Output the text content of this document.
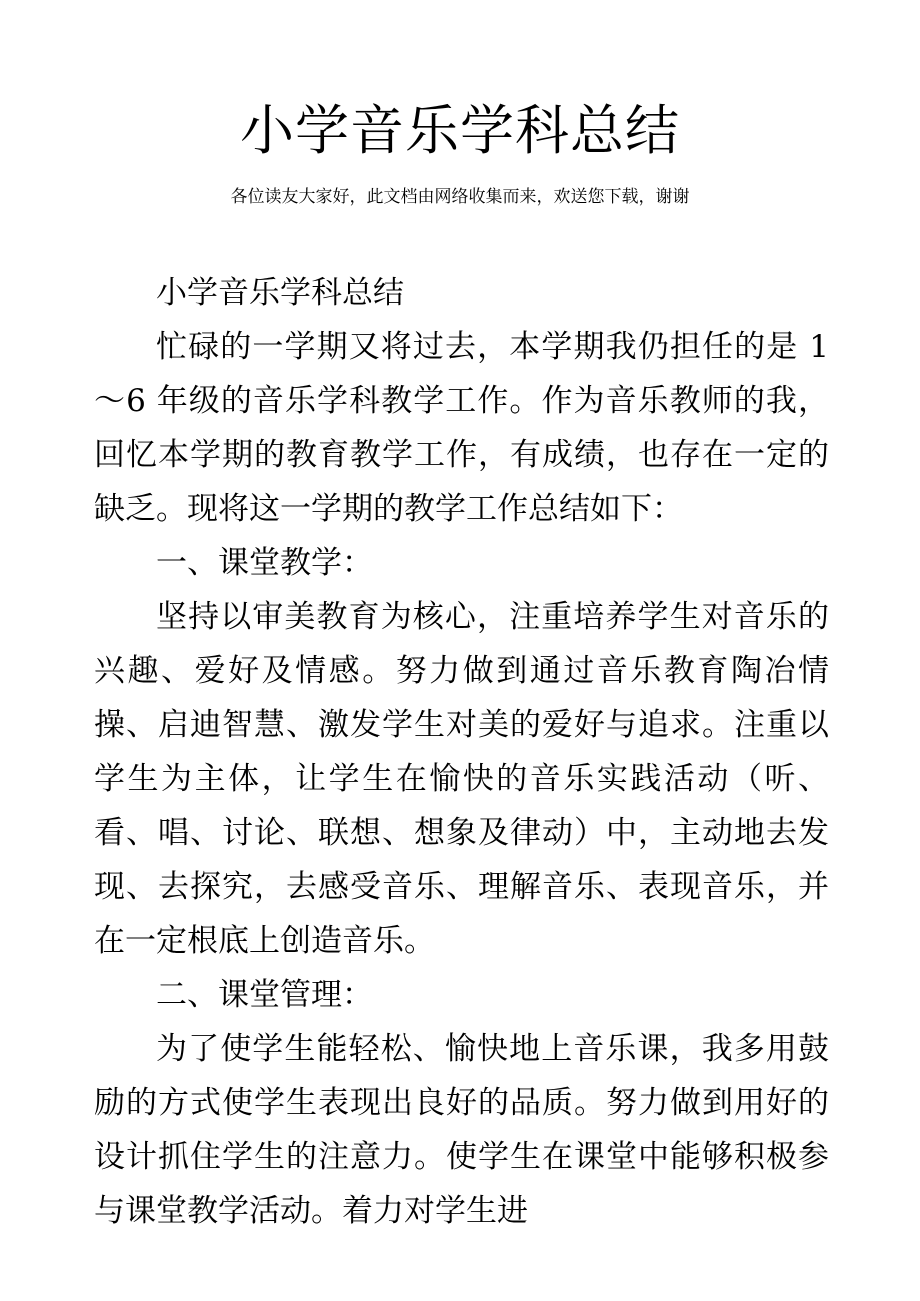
小学音乐学科总结
各位读友大家好，此文档由网络收集而来，欢送您下载，谢谢

小学音乐学科总结

忙碌的一学期又将过去，本学期我仍担任的是 1～6 年级的音乐学科教学工作。作为音乐教师的我，回忆本学期的教育教学工作，有成绩，也存在一定的缺乏。现将这一学期的教学工作总结如下：

一、课堂教学：

坚持以审美教育为核心，注重培养学生对音乐的兴趣、爱好及情感。努力做到通过音乐教育陶冶情操、启迪智慧、激发学生对美的爱好与追求。注重以学生为主体，让学生在愉快的音乐实践活动（听、看、唱、讨论、联想、想象及律动）中，主动地去发现、去探究，去感受音乐、理解音乐、表现音乐，并在一定根底上创造音乐。

二、课堂管理：

为了使学生能轻松、愉快地上音乐课，我多用鼓励的方式使学生表现出良好的品质。努力做到用好的设计抓住学生的注意力。使学生在课堂中能够积极参与课堂教学活动。着力对学生进
